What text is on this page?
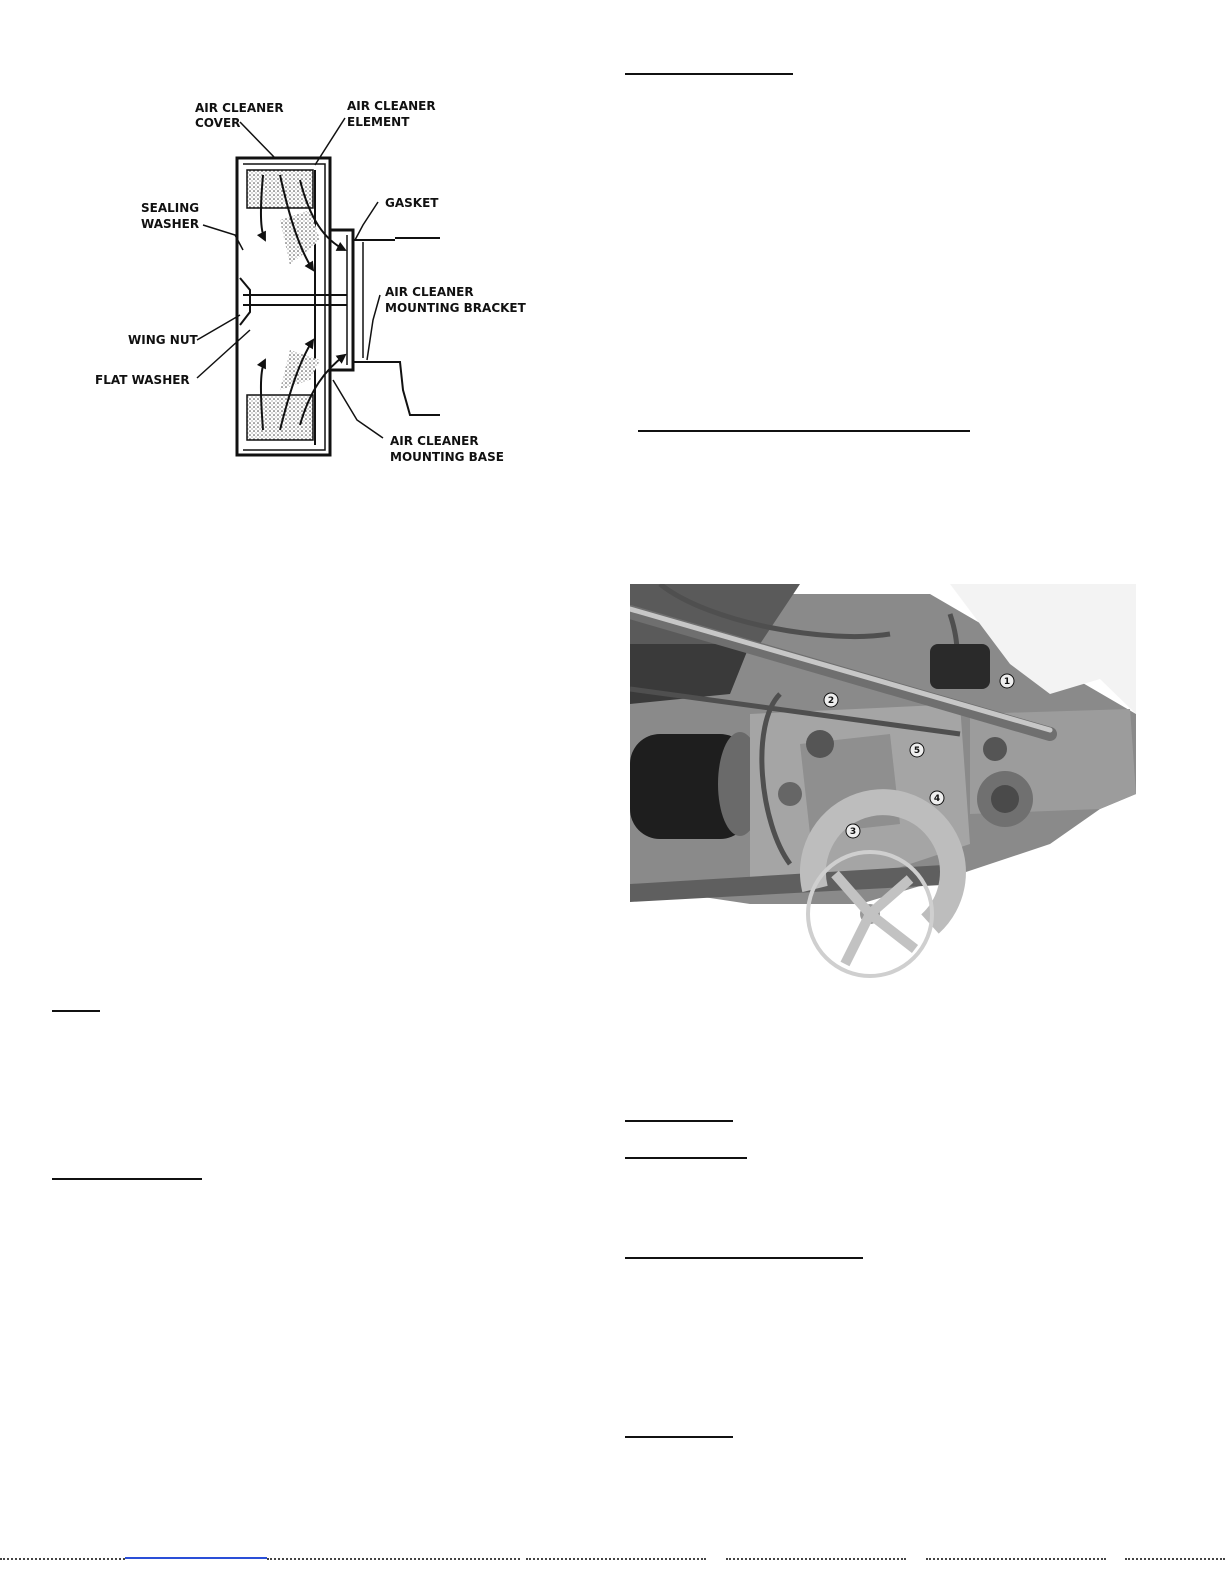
AIR CLEANER
COVER
AIR CLEANER
ELEMENT
SEALING
WASHER
GASKET
AIR CLEANER
MOUNTING BRACKET
WING NUT
FLAT WASHER
AIR CLEANER
MOUNTING BASE
1
2
3
4
5
